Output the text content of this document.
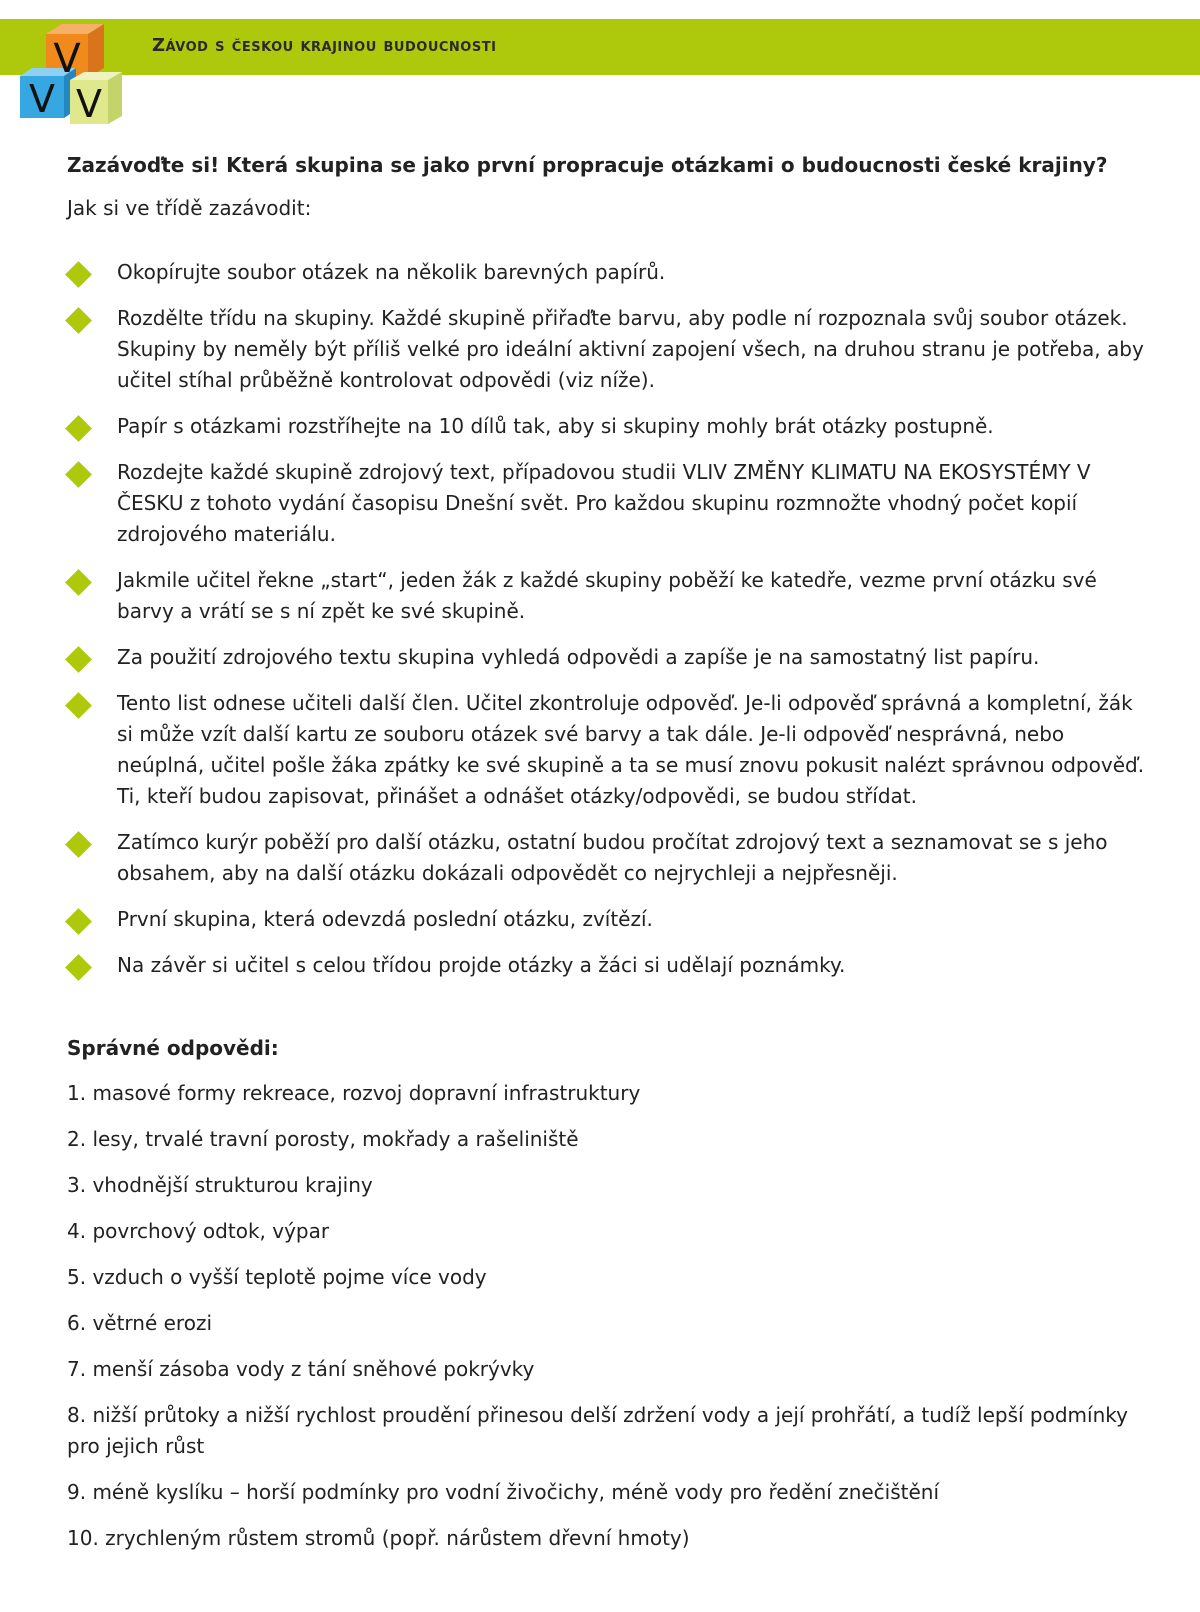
V
V V
Závod s českou krajinou budoucnosti

Zazávoďte si! Která skupina se jako první propracuje otázkami o budoucnosti české krajiny?

Jak si ve třídě zazávodit:

Okopírujte soubor otázek na několik barevných papírů.
Rozdělte třídu na skupiny. Každé skupině přiřaďte barvu, aby podle ní rozpoznala svůj soubor otázek. Skupiny by neměly být příliš velké pro ideální aktivní zapojení všech, na druhou stranu je potřeba, aby učitel stíhal průběžně kontrolovat odpovědi (viz níže).
Papír s otázkami rozstříhejte na 10 dílů tak, aby si skupiny mohly brát otázky postupně.
Rozdejte každé skupině zdrojový text, případovou studii VLIV ZMĚNY KLIMATU NA EKOSYSTÉMY V ČESKU z tohoto vydání časopisu Dnešní svět. Pro každou skupinu rozmnožte vhodný počet kopií zdrojového materiálu.
Jakmile učitel řekne „start“, jeden žák z každé skupiny poběží ke katedře, vezme první otázku své barvy a vrátí se s ní zpět ke své skupině.
Za použití zdrojového textu skupina vyhledá odpovědi a zapíše je na samostatný list papíru.
Tento list odnese učiteli další člen. Učitel zkontroluje odpověď. Je-li odpověď správná a kompletní, žák si může vzít další kartu ze souboru otázek své barvy a tak dále. Je-li odpověď nesprávná, nebo neúplná, učitel pošle žáka zpátky ke své skupině a ta se musí znovu pokusit nalézt správnou odpověď. Ti, kteří budou zapisovat, přinášet a odnášet otázky/odpovědi, se budou střídat.
Zatímco kurýr poběží pro další otázku, ostatní budou pročítat zdrojový text a seznamovat se s jeho obsahem, aby na další otázku dokázali odpovědět co nejrychleji a nejpřesněji.
První skupina, která odevzdá poslední otázku, zvítězí.
Na závěr si učitel s celou třídou projde otázky a žáci si udělají poznámky.

Správné odpovědi:

1. masové formy rekreace, rozvoj dopravní infrastruktury
2. lesy, trvalé travní porosty, mokřady a rašeliniště
3. vhodnější strukturou krajiny
4. povrchový odtok, výpar
5. vzduch o vyšší teplotě pojme více vody
6. větrné erozi
7. menší zásoba vody z tání sněhové pokrývky
8. nižší průtoky a nižší rychlost proudění přinesou delší zdržení vody a její prohřátí, a tudíž lepší podmínky pro jejich růst
9. méně kyslíku – horší podmínky pro vodní živočichy, méně vody pro ředění znečištění
10. zrychleným růstem stromů (popř. nárůstem dřevní hmoty)
